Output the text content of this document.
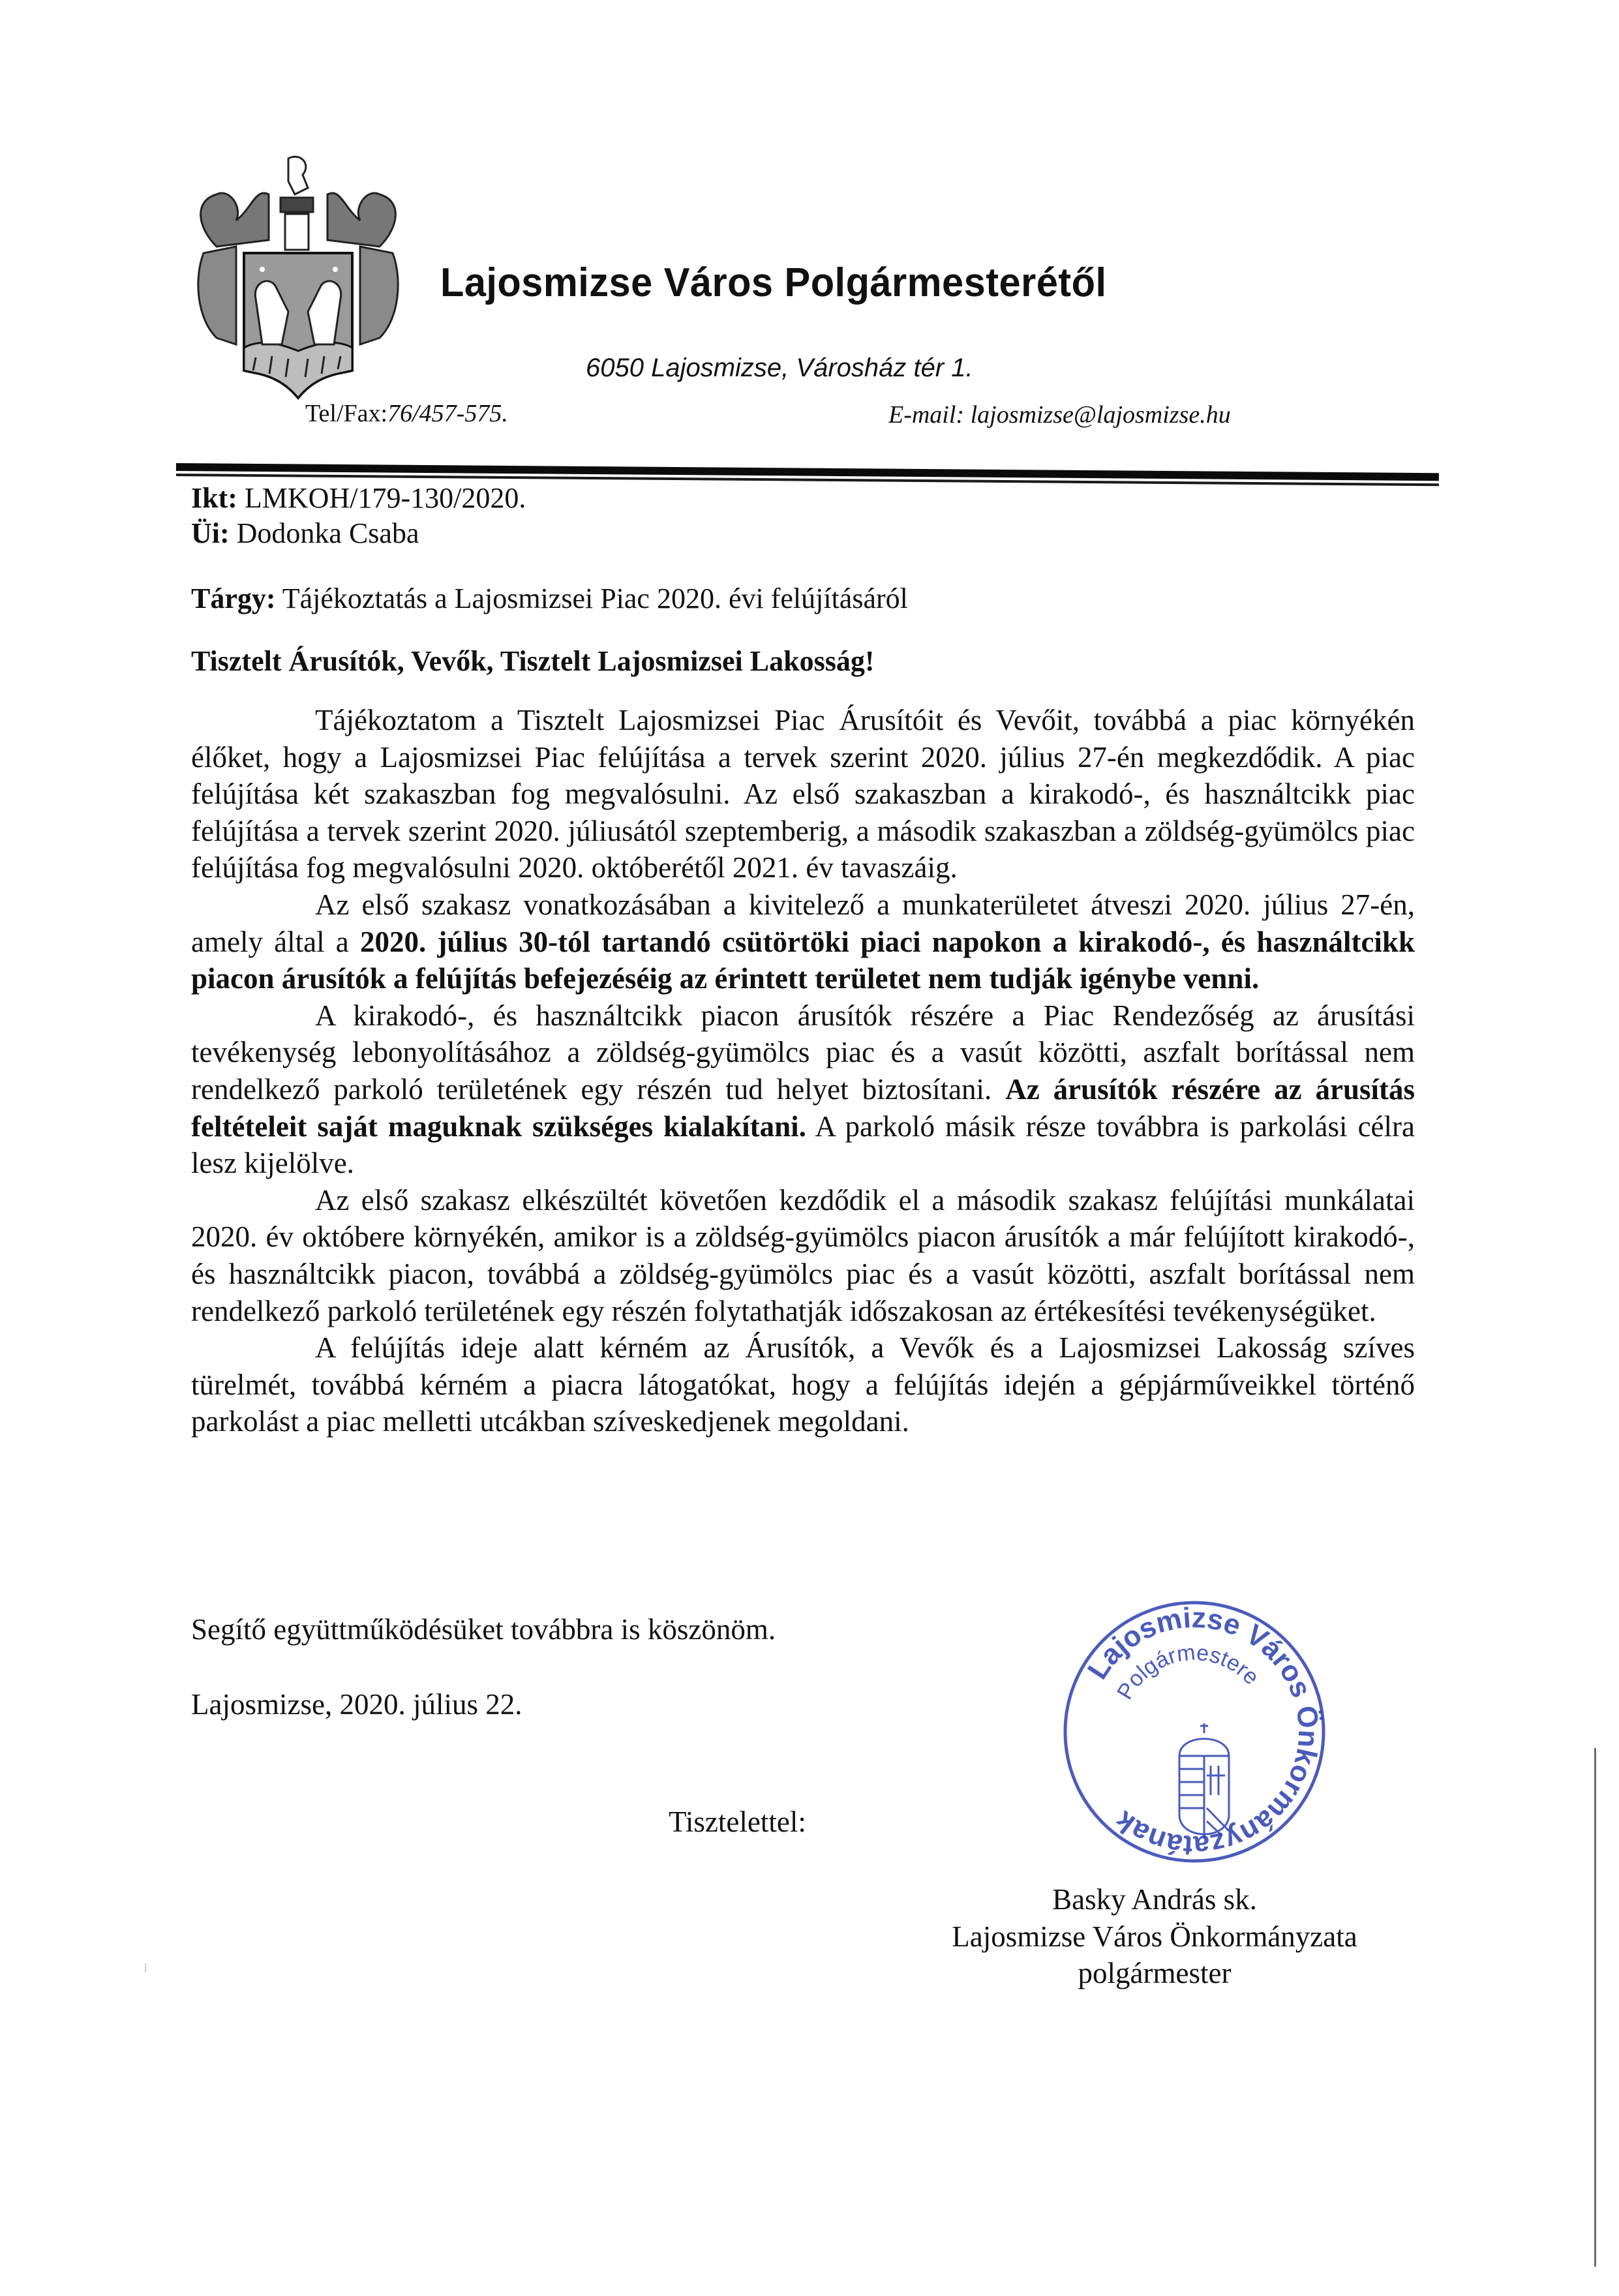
Lajosmizse Város Polgármesterétől
6050 Lajosmizse, Városház tér 1.
Tel/Fax:76/457-575.	E-mail: lajosmizse@lajosmizse.hu
Ikt: LMKOH/179-130/2020.
Üi: Dodonka Csaba
Tárgy: Tájékoztatás a Lajosmizsei Piac 2020. évi felújításáról
Tisztelt Árusítók, Vevők, Tisztelt Lajosmizsei Lakosság!

Tájékoztatom a Tisztelt Lajosmizsei Piac Árusítóit és Vevőit, továbbá a piac környékén élőket, hogy a Lajosmizsei Piac felújítása a tervek szerint 2020. július 27-én megkezdődik. A piac felújítása két szakaszban fog megvalósulni. Az első szakaszban a kirakodó-, és használtcikk piac felújítása a tervek szerint 2020. júliusától szeptemberig, a második szakaszban a zöldség-gyümölcs piac felújítása fog megvalósulni 2020. októberétől 2021. év tavaszáig.

Az első szakasz vonatkozásában a kivitelező a munkaterületet átveszi 2020. július 27-én, amely által a 2020. július 30-tól tartandó csütörtöki piaci napokon a kirakodó-, és használtcikk piacon árusítók a felújítás befejezéséig az érintett területet nem tudják igénybe venni.

A kirakodó-, és használtcikk piacon árusítók részére a Piac Rendezőség az árusítási tevékenység lebonyolításához a zöldség-gyümölcs piac és a vasút közötti, aszfalt borítással nem rendelkező parkoló területének egy részén tud helyet biztosítani. Az árusítók részére az árusítás feltételeit saját maguknak szükséges kialakítani. A parkoló másik része továbbra is parkolási célra lesz kijelölve.

Az első szakasz elkészültét követően kezdődik el a második szakasz felújítási munkálatai 2020. év októbere környékén, amikor is a zöldség-gyümölcs piacon árusítók a már felújított kirakodó-, és használtcikk piacon, továbbá a zöldség-gyümölcs piac és a vasút közötti, aszfalt borítással nem rendelkező parkoló területének egy részén folytathatják időszakosan az értékesítési tevékenységüket.

A felújítás ideje alatt kérném az Árusítók, a Vevők és a Lajosmizsei Lakosság szíves türelmét, továbbá kérném a piacra látogatókat, hogy a felújítás idején a gépjárműveikkel történő parkolást a piac melletti utcákban szíveskedjenek megoldani.

Segítő együttműködésüket továbbra is köszönöm.
Lajosmizse, 2020. július 22.
Tisztelettel:
Lajosmizse Város Önkormányzatának
Polgármestere
Basky András sk.
Lajosmizse Város Önkormányzata
polgármester
